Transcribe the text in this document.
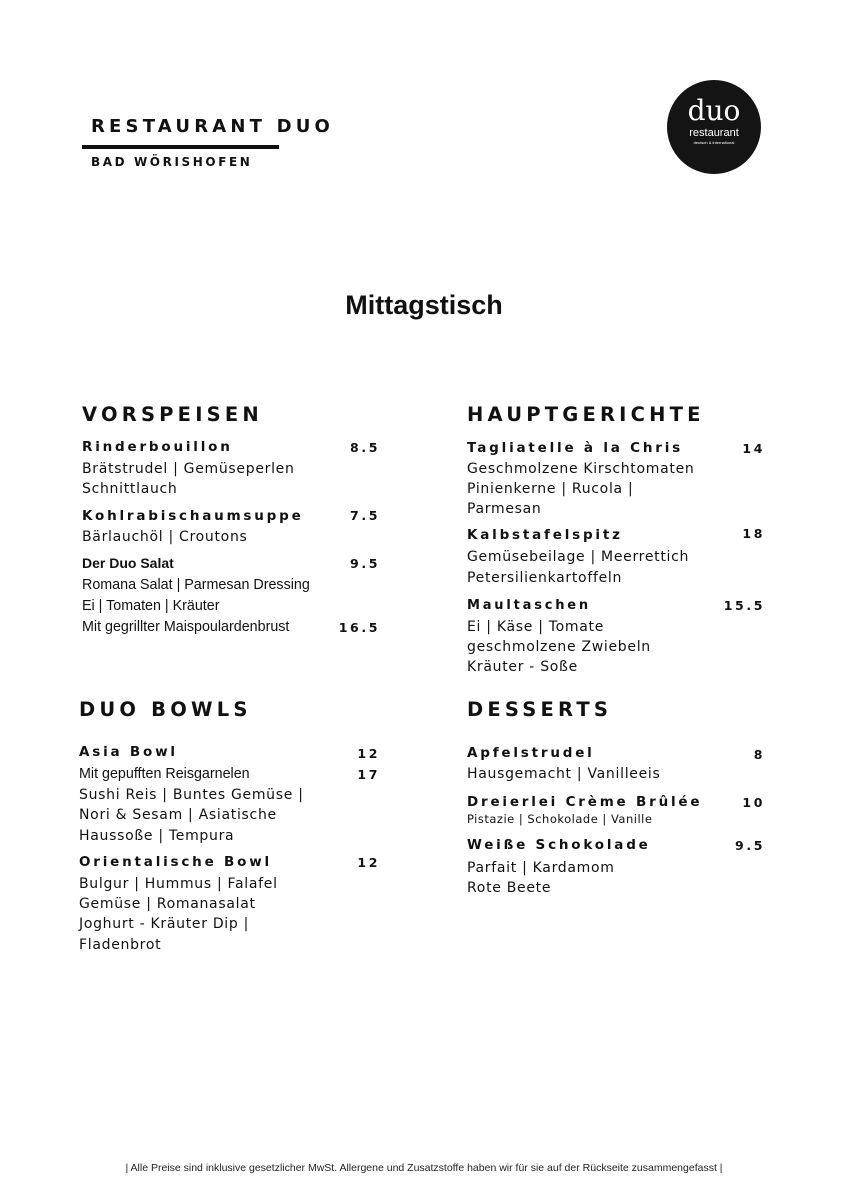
RESTAURANT DUO
BAD WÖRISHOFEN
duo
restaurant
deutsch & international
Mittagstisch
VORSPEISEN
Rinderbouillon	8.5
Brätstrudel | Gemüseperlen
Schnittlauch
Kohlrabischaumsuppe	7.5
Bärlauchöl | Croutons
Der Duo Salat	9.5
Romana Salat | Parmesan Dressing
Ei | Tomaten | Kräuter
Mit gegrillter Maispoulardenbrust	16.5
HAUPTGERICHTE
Tagliatelle à la Chris	14
Geschmolzene Kirschtomaten
Pinienkerne | Rucola |
Parmesan
Kalbstafelspitz	18
Gemüsebeilage | Meerrettich
Petersilienkartoffeln
Maultaschen	15.5
Ei | Käse | Tomate
geschmolzene Zwiebeln
Kräuter - Soße
DUO BOWLS
Asia Bowl	12
Mit gepufften Reisgarnelen	17
Sushi Reis | Buntes Gemüse |
Nori & Sesam | Asiatische
Haussoße | Tempura
Orientalische Bowl	12
Bulgur | Hummus | Falafel
Gemüse | Romanasalat
Joghurt - Kräuter Dip |
Fladenbrot
DESSERTS
Apfelstrudel	8
Hausgemacht | Vanilleeis
Dreierlei Crème Brûlée	10
Pistazie | Schokolade | Vanille
Weiße Schokolade	9.5
Parfait | Kardamom
Rote Beete
| Alle Preise sind inklusive gesetzlicher MwSt. Allergene und Zusatzstoffe haben wir für sie auf der Rückseite zusammengefasst |
